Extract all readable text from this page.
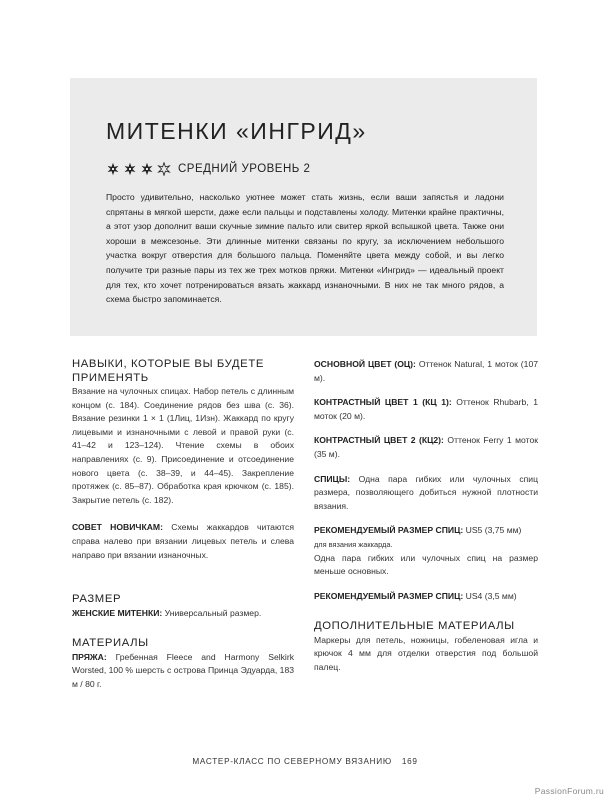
МИТЕНКИ «ИНГРИД»
СРЕДНИЙ УРОВЕНЬ 2

Просто удивительно, насколько уютнее может стать жизнь, если ваши запястья и ладони спрятаны в мягкой шерсти, даже если пальцы и подставлены холоду. Митенки крайне практичны, а этот узор дополнит ваши скучные зимние пальто или свитер яркой вспышкой цвета. Также они хороши в межсезонье. Эти длинные митенки связаны по кругу, за исключением небольшого участка вокруг отверстия для большого пальца. Поменяйте цвета между собой, и вы легко получите три разные пары из тех же трех мотков пряжи. Митенки «Ингрид» — идеальный проект для тех, кто хочет потренироваться вязать жаккард изнаночными. В них не так много рядов, а схема быстро запоминается.

НАВЫКИ, КОТОРЫЕ ВЫ БУДЕТЕ ПРИМЕНЯТЬ

Вязание на чулочных спицах. Набор петель с длинным концом (с. 184). Соединение рядов без шва (с. 36). Вязание резинки 1 × 1 (1Лиц, 1Изн). Жаккард по кругу лицевыми и изнаночными с левой и правой руки (с. 41–42 и 123–124). Чтение схемы в обоих направлениях (с. 9). Присоединение и отсоединение нового цвета (с. 38–39, и 44–45). Закрепление протяжек (с. 85–87). Обработка края крючком (с. 185). Закрытие петель (с. 182).

СОВЕТ НОВИЧКАМ: Схемы жаккардов читаются справа налево при вязании лицевых петель и слева направо при вязании изнаночных.

РАЗМЕР

ЖЕНСКИЕ МИТЕНКИ: Универсальный размер.

МАТЕРИАЛЫ

ПРЯЖА: Гребенная Fleece and Harmony Selkirk Worsted, 100 % шерсть с острова Принца Эдуарда, 183 м / 80 г.

ОСНОВНОЙ ЦВЕТ (ОЦ): Оттенок Natural, 1 моток (107 м).

КОНТРАСТНЫЙ ЦВЕТ 1 (КЦ 1): Оттенок Rhubarb, 1 моток (20 м).

КОНТРАСТНЫЙ ЦВЕТ 2 (КЦ2): Оттенок Ferry 1 моток (35 м).

СПИЦЫ: Одна пара гибких или чулочных спиц размера, позволяющего добиться нужной плотности вязания.

РЕКОМЕНДУЕМЫЙ РАЗМЕР СПИЦ: US5 (3,75 мм)

для вязания жаккарда.

Одна пара гибких или чулочных спиц на размер меньше основных.

РЕКОМЕНДУЕМЫЙ РАЗМЕР СПИЦ: US4 (3,5 мм)

ДОПОЛНИТЕЛЬНЫЕ МАТЕРИАЛЫ

Маркеры для петель, ножницы, гобеленовая игла и крючок 4 мм для отделки отверстия под большой палец.

МАСТЕР-КЛАСС ПО СЕВЕРНОМУ ВЯЗАНИЮ 169
PassionForum.ru
